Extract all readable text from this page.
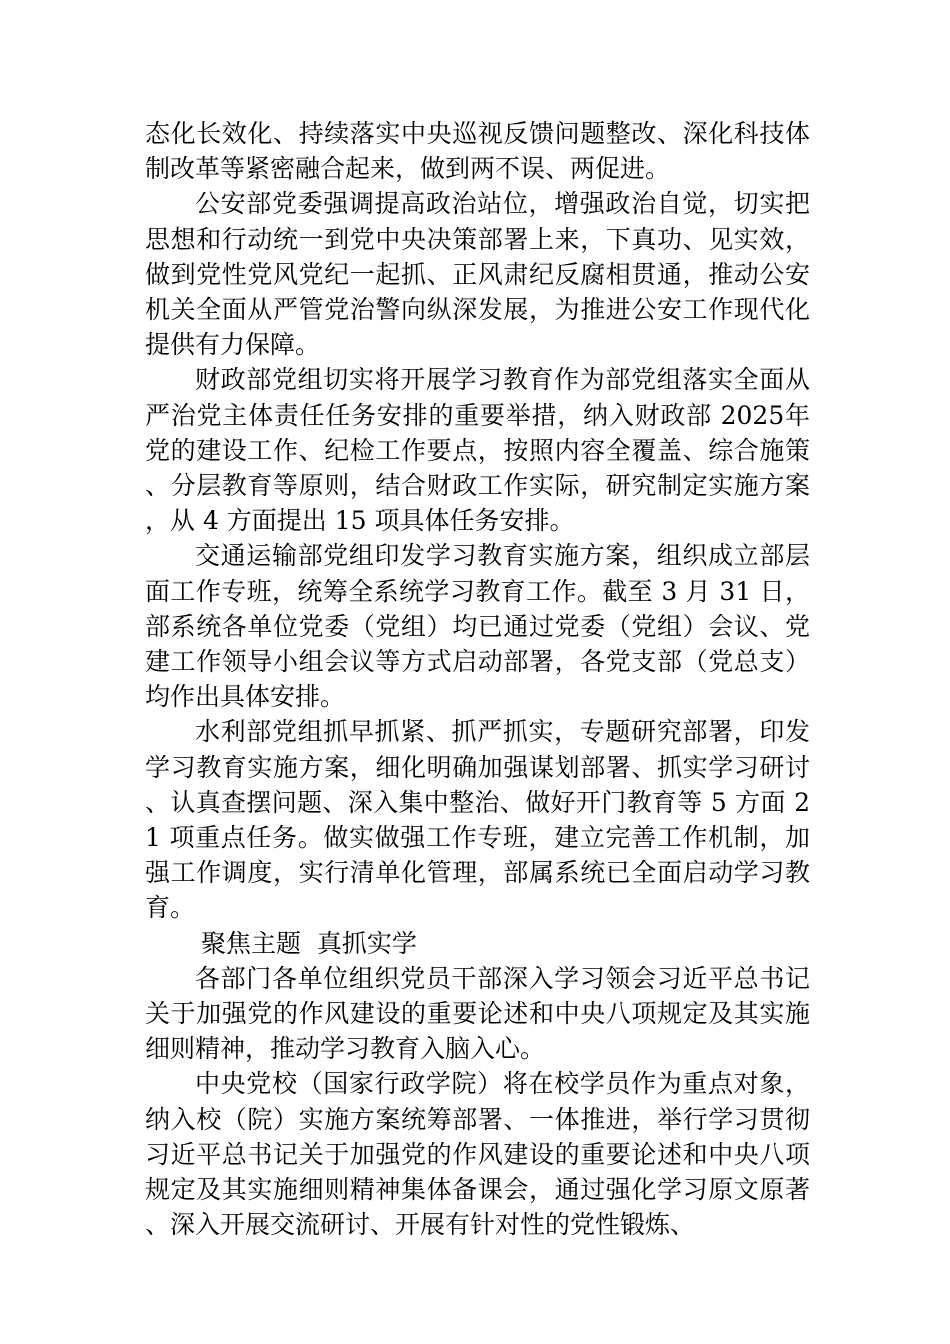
态化长效化、持续落实中央巡视反馈问题整改、深化科技体制改革等紧密融合起来，做到两不误、两促进。

公安部党委强调提高政治站位，增强政治自觉，切实把思想和行动统一到党中央决策部署上来，下真功、见实效，做到党性党风党纪一起抓、正风肃纪反腐相贯通，推动公安机关全面从严管党治警向纵深发展，为推进公安工作现代化提供有力保障。

财政部党组切实将开展学习教育作为部党组落实全面从严治党主体责任任务安排的重要举措，纳入财政部 2025年党的建设工作、纪检工作要点，按照内容全覆盖、综合施策、分层教育等原则，结合财政工作实际，研究制定实施方案，从 4 方面提出 15 项具体任务安排。

交通运输部党组印发学习教育实施方案，组织成立部层面工作专班，统筹全系统学习教育工作。截至 3 月 31 日，部系统各单位党委（党组）均已通过党委（党组）会议、党建工作领导小组会议等方式启动部署，各党支部（党总支）均作出具体安排。

水利部党组抓早抓紧、抓严抓实，专题研究部署，印发学习教育实施方案，细化明确加强谋划部署、抓实学习研讨、认真查摆问题、深入集中整治、做好开门教育等 5 方面 21 项重点任务。做实做强工作专班，建立完善工作机制，加强工作调度，实行清单化管理，部属系统已全面启动学习教育。

聚焦主题  真抓实学

各部门各单位组织党员干部深入学习领会习近平总书记关于加强党的作风建设的重要论述和中央八项规定及其实施细则精神，推动学习教育入脑入心。

中央党校（国家行政学院）将在校学员作为重点对象，纳入校（院）实施方案统筹部署、一体推进，举行学习贯彻习近平总书记关于加强党的作风建设的重要论述和中央八项规定及其实施细则精神集体备课会，通过强化学习原文原著、深入开展交流研讨、开展有针对性的党性锻炼、
